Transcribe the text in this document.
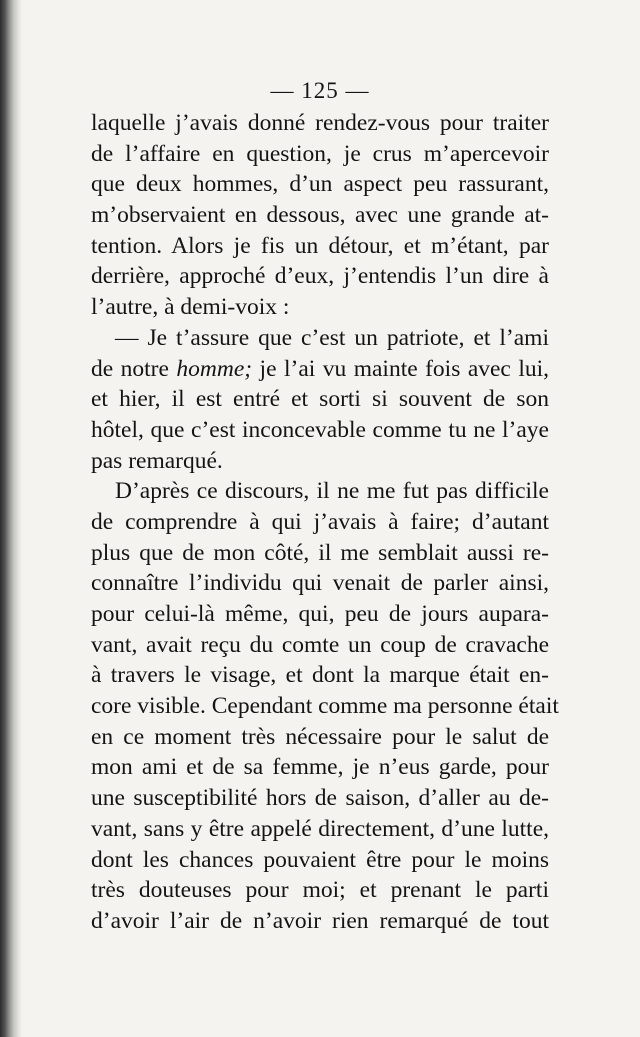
— 125 —
laquelle j’avais donné rendez-vous pour traiter
de l’affaire en question, je crus m’apercevoir
que deux hommes, d’un aspect peu rassurant,
m’observaient en dessous, avec une grande at-
tention. Alors je fis un détour, et m’étant, par
derrière, approché d’eux, j’entendis l’un dire à
l’autre, à demi-voix :
— Je t’assure que c’est un patriote, et l’ami
de notre homme; je l’ai vu mainte fois avec lui,
et hier, il est entré et sorti si souvent de son
hôtel, que c’est inconcevable comme tu ne l’aye
pas remarqué.
D’après ce discours, il ne me fut pas difficile
de comprendre à qui j’avais à faire; d’autant
plus que de mon côté, il me semblait aussi re-
connaître l’individu qui venait de parler ainsi,
pour celui-là même, qui, peu de jours aupara-
vant, avait reçu du comte un coup de cravache
à travers le visage, et dont la marque était en-
core visible. Cependant comme ma personne était
en ce moment très nécessaire pour le salut de
mon ami et de sa femme, je n’eus garde, pour
une susceptibilité hors de saison, d’aller au de-
vant, sans y être appelé directement, d’une lutte,
dont les chances pouvaient être pour le moins
très douteuses pour moi; et prenant le parti
d’avoir l’air de n’avoir rien remarqué de tout
